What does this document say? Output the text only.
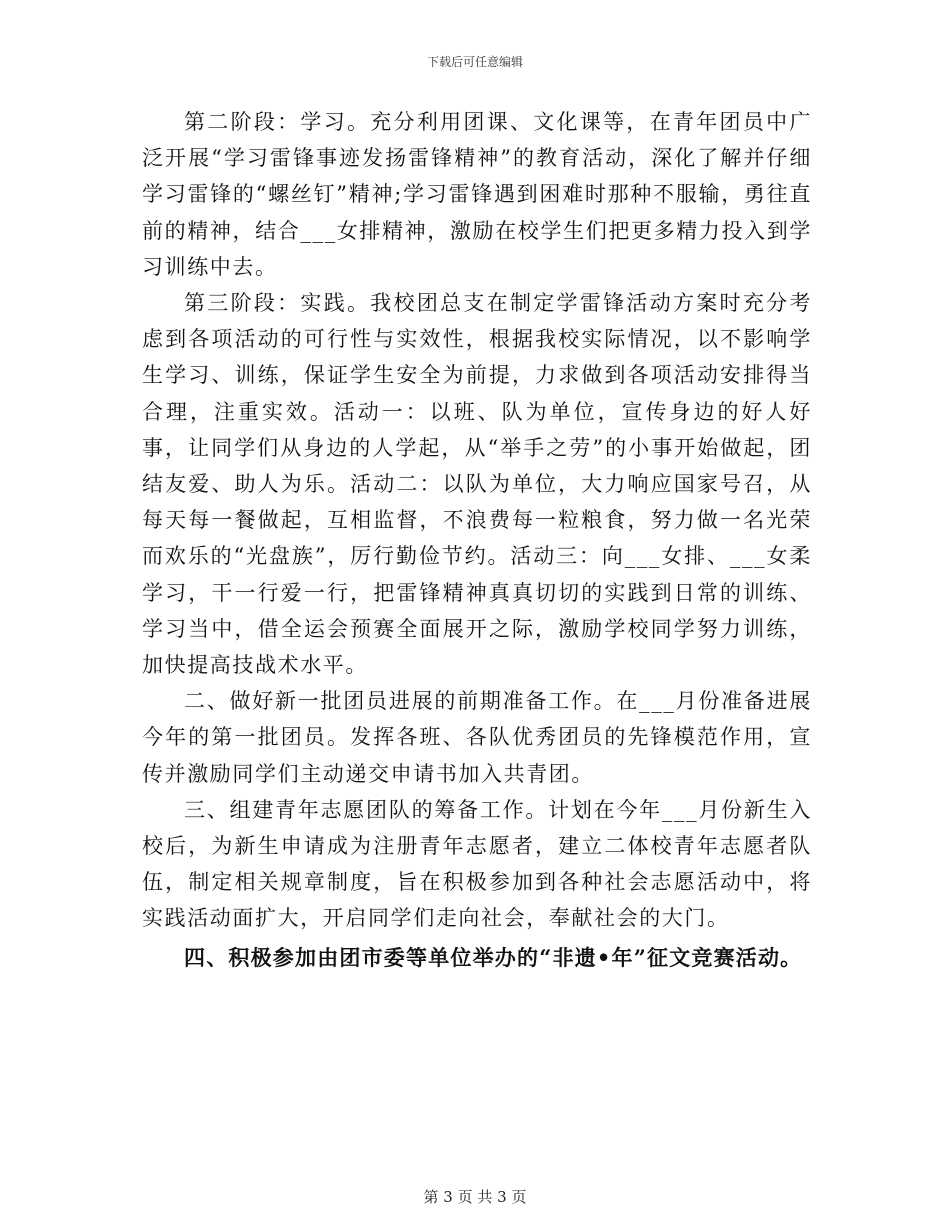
下载后可任意编辑

第二阶段：学习。充分利用团课、文化课等，在青年团员中广泛开展“学习雷锋事迹发扬雷锋精神”的教育活动，深化了解并仔细学习雷锋的“螺丝钉”精神;学习雷锋遇到困难时那种不服输，勇往直前的精神，结合___女排精神，激励在校学生们把更多精力投入到学习训练中去。

第三阶段：实践。我校团总支在制定学雷锋活动方案时充分考虑到各项活动的可行性与实效性，根据我校实际情况，以不影响学生学习、训练，保证学生安全为前提，力求做到各项活动安排得当合理，注重实效。活动一：以班、队为单位，宣传身边的好人好事，让同学们从身边的人学起，从“举手之劳”的小事开始做起，团结友爱、助人为乐。活动二：以队为单位，大力响应国家号召，从每天每一餐做起，互相监督，不浪费每一粒粮食，努力做一名光荣而欢乐的“光盘族”，厉行勤俭节约。活动三：向___女排、___女柔学习，干一行爱一行，把雷锋精神真真切切的实践到日常的训练、学习当中，借全运会预赛全面展开之际，激励学校同学努力训练，加快提高技战术水平。

二、做好新一批团员进展的前期准备工作。在___月份准备进展今年的第一批团员。发挥各班、各队优秀团员的先锋模范作用，宣传并激励同学们主动递交申请书加入共青团。

三、组建青年志愿团队的筹备工作。计划在今年___月份新生入校后，为新生申请成为注册青年志愿者，建立二体校青年志愿者队伍，制定相关规章制度，旨在积极参加到各种社会志愿活动中，将实践活动面扩大，开启同学们走向社会，奉献社会的大门。

四、积极参加由团市委等单位举办的“非遗•年”征文竞赛活动。

第 3 页 共 3 页
